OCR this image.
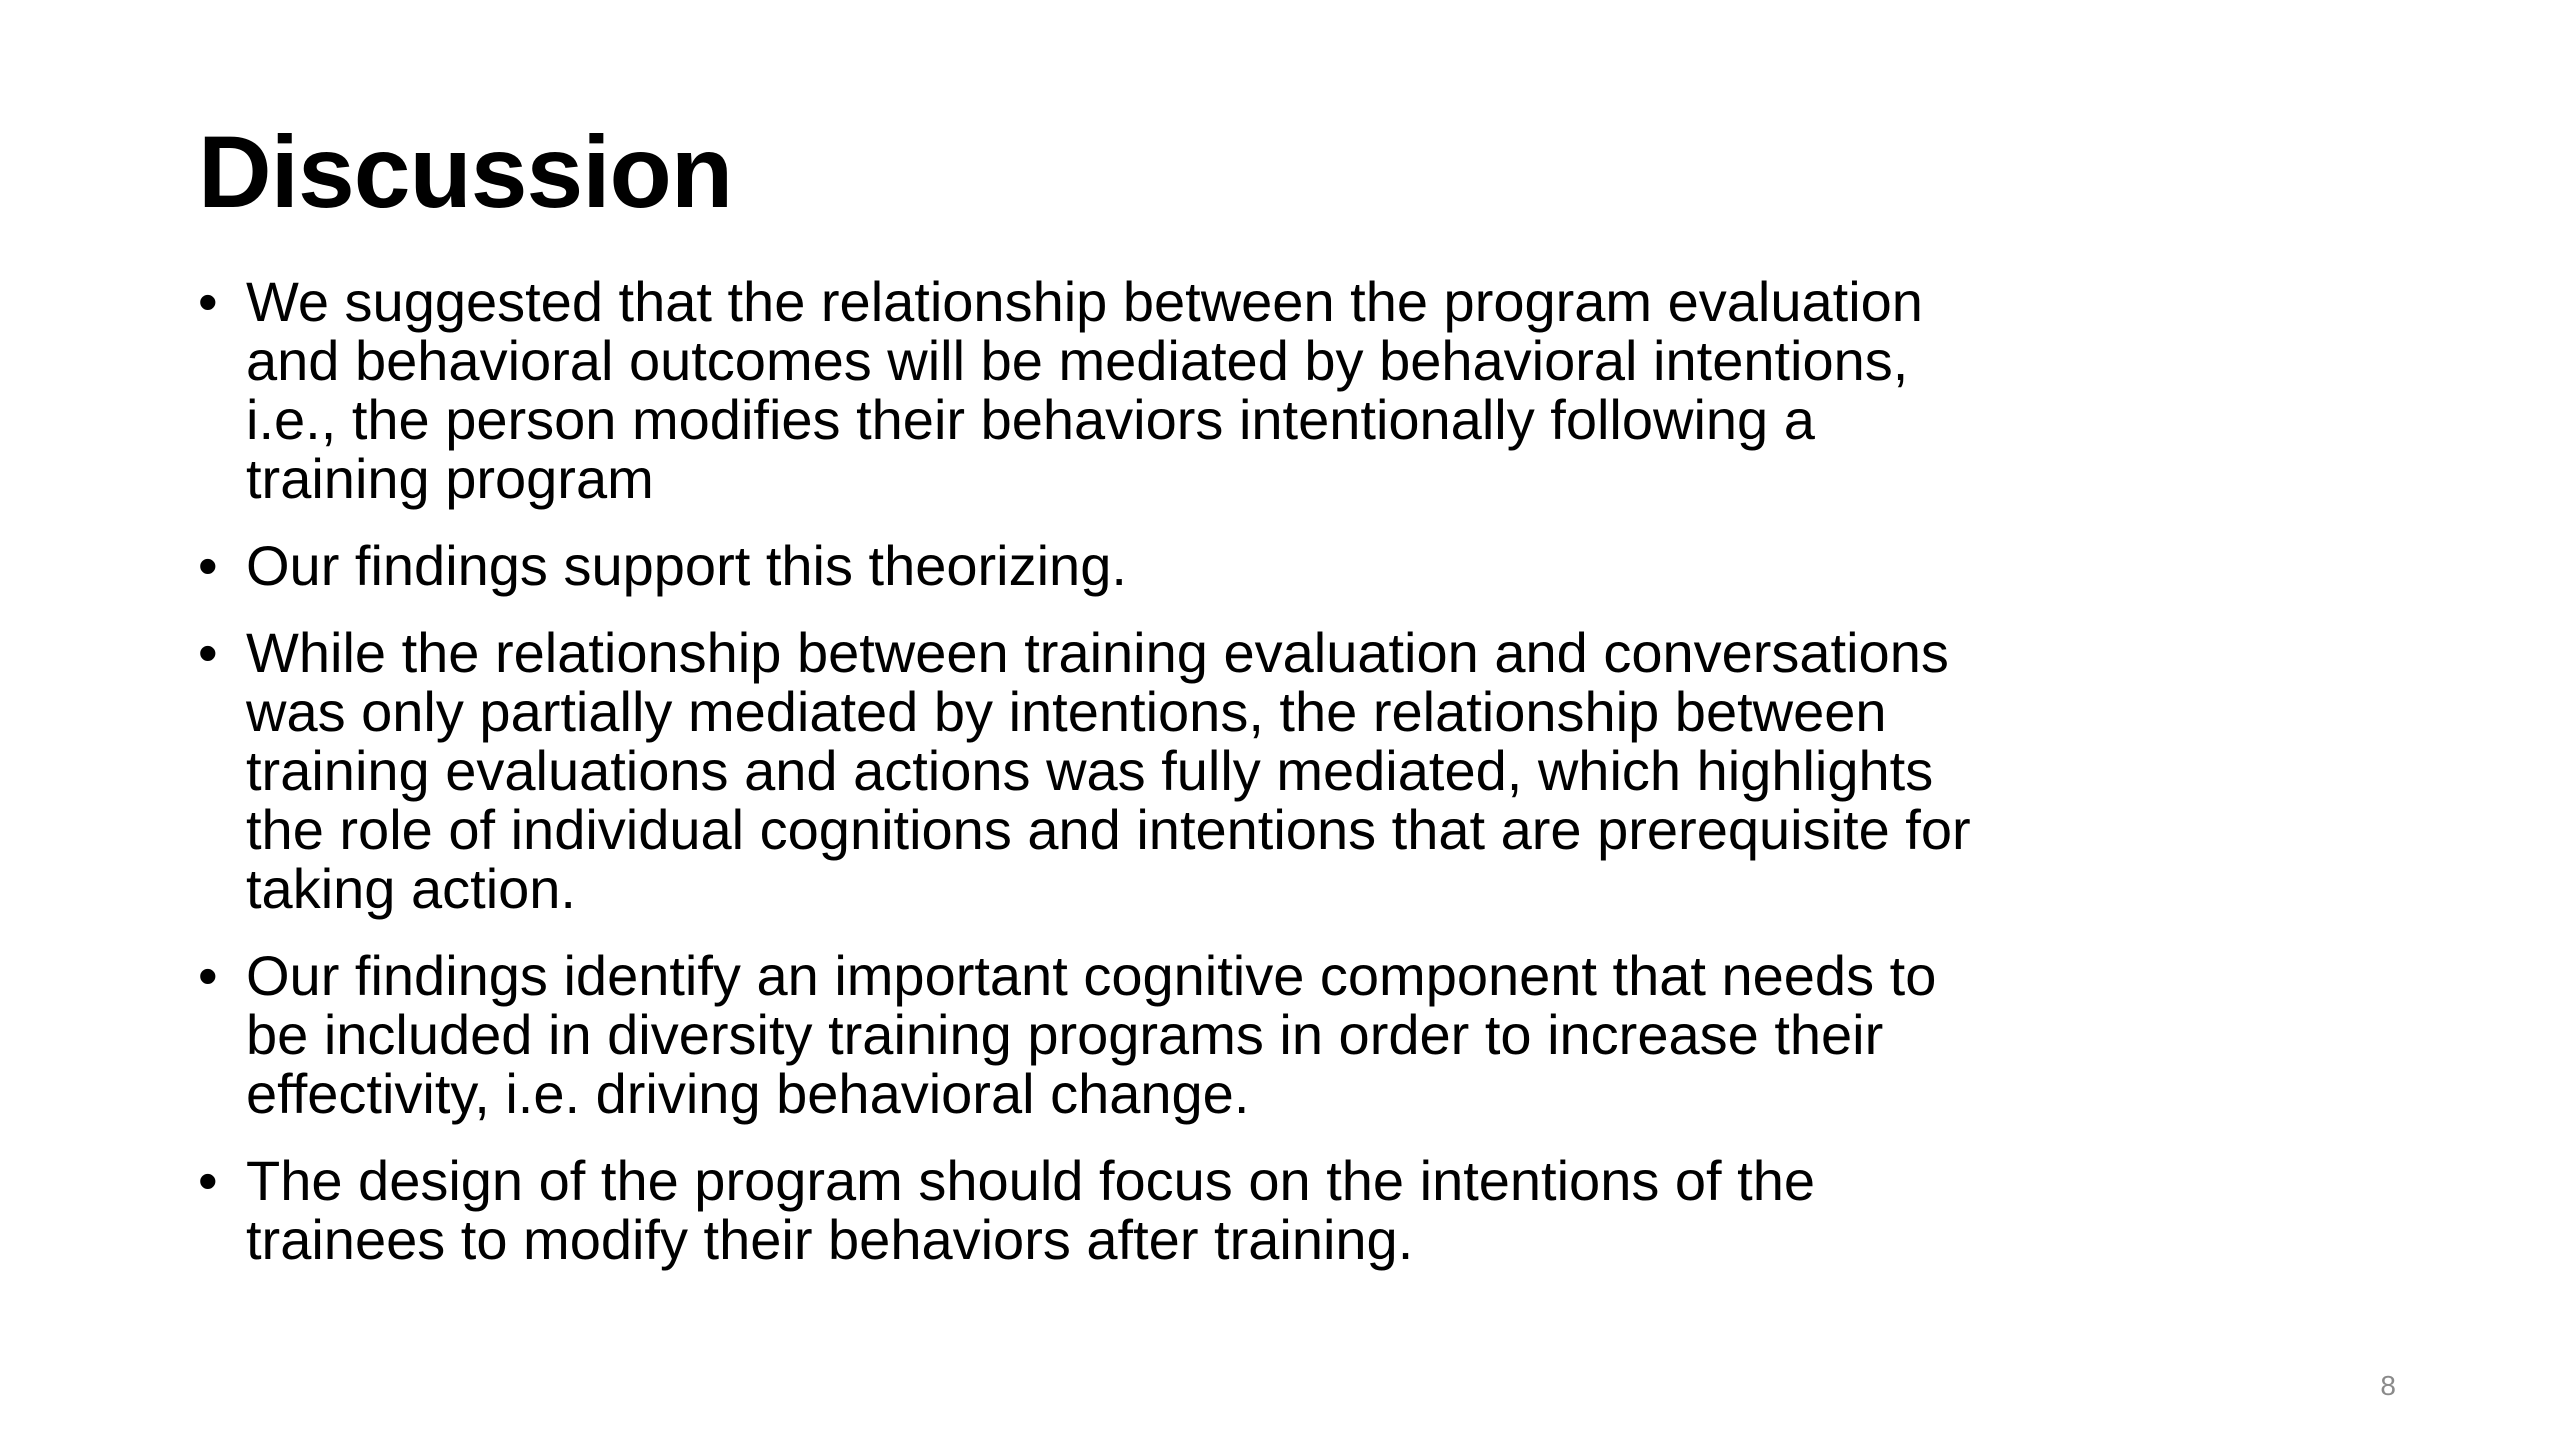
Discussion
• We suggested that the relationship between the program evaluation
and behavioral outcomes will be mediated by behavioral intentions,
i.e., the person modifies their behaviors intentionally following a
training program
• Our findings support this theorizing.
• While the relationship between training evaluation and conversations
was only partially mediated by intentions, the relationship between
training evaluations and actions was fully mediated, which highlights
the role of individual cognitions and intentions that are prerequisite for
taking action.
• Our findings identify an important cognitive component that needs to
be included in diversity training programs in order to increase their
effectivity, i.e. driving behavioral change.
• The design of the program should focus on the intentions of the
trainees to modify their behaviors after training.
8
